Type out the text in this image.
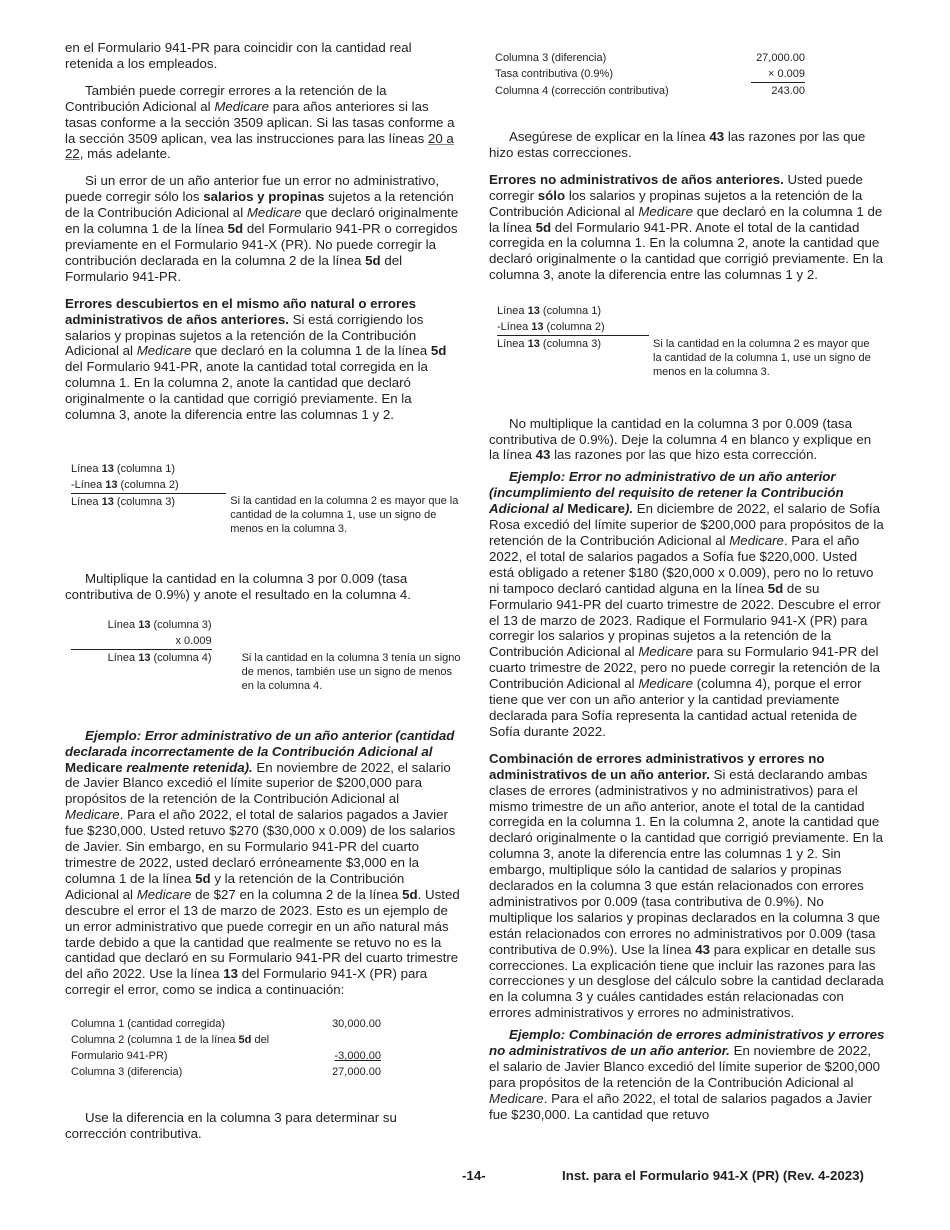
en el Formulario 941-PR para coincidir con la cantidad real retenida a los empleados.

También puede corregir errores a la retención de la Contribución Adicional al Medicare para años anteriores si las tasas conforme a la sección 3509 aplican. Si las tasas conforme a la sección 3509 aplican, vea las instrucciones para las líneas 20 a 22, más adelante.

Si un error de un año anterior fue un error no administrativo, puede corregir sólo los salarios y propinas sujetos a la retención de la Contribución Adicional al Medicare que declaró originalmente en la columna 1 de la línea 5d del Formulario 941-PR o corregidos previamente en el Formulario 941-X (PR). No puede corregir la contribución declarada en la columna 2 de la línea 5d del Formulario 941-PR.

Errores descubiertos en el mismo año natural o errores administrativos de años anteriores. Si está corrigiendo los salarios y propinas sujetos a la retención de la Contribución Adicional al Medicare que declaró en la columna 1 de la línea 5d del Formulario 941-PR, anote la cantidad total corregida en la columna 1. En la columna 2, anote la cantidad que declaró originalmente o la cantidad que corrigió previamente. En la columna 3, anote la diferencia entre las columnas 1 y 2.

Línea 13 (columna 1)	
-Línea 13 (columna 2)	
Línea 13 (columna 3)	Si la cantidad en la columna 2 es mayor que la cantidad de la columna 1, use un signo de menos en la columna 3.

Multiplique la cantidad en la columna 3 por 0.009 (tasa contributiva de 0.9%) y anote el resultado en la columna 4.

Línea 13 (columna 3)	
x 0.009	
Línea 13 (columna 4)	Si la cantidad en la columna 3 tenía un signo de menos, también use un signo de menos en la columna 4.

Ejemplo: Error administrativo de un año anterior (cantidad declarada incorrectamente de la Contribución Adicional al Medicare realmente retenida). En noviembre de 2022, el salario de Javier Blanco excedió el límite superior de $200,000 para propósitos de la retención de la Contribución Adicional al Medicare. Para el año 2022, el total de salarios pagados a Javier fue $230,000. Usted retuvo $270 ($30,000 x 0.009) de los salarios de Javier. Sin embargo, en su Formulario 941-PR del cuarto trimestre de 2022, usted declaró erróneamente $3,000 en la columna 1 de la línea 5d y la retención de la Contribución Adicional al Medicare de $27 en la columna 2 de la línea 5d. Usted descubre el error el 13 de marzo de 2023. Esto es un ejemplo de un error administrativo que puede corregir en un año natural más tarde debido a que la cantidad que realmente se retuvo no es la cantidad que declaró en su Formulario 941-PR del cuarto trimestre del año 2022. Use la línea 13 del Formulario 941-X (PR) para corregir el error, como se indica a continuación:

Columna 1 (cantidad corregida)	30,000.00
Columna 2 (columna 1 de la línea 5d del	
Formulario 941-PR)	-3,000.00
Columna 3 (diferencia)	27,000.00

Use la diferencia en la columna 3 para determinar su corrección contributiva.

Columna 3 (diferencia)	27,000.00
Tasa contributiva (0.9%)	× 0.009
Columna 4 (corrección contributiva)	243.00

Asegúrese de explicar en la línea 43 las razones por las que hizo estas correcciones.

Errores no administrativos de años anteriores. Usted puede corregir sólo los salarios y propinas sujetos a la retención de la Contribución Adicional al Medicare que declaró en la columna 1 de la línea 5d del Formulario 941-PR. Anote el total de la cantidad corregida en la columna 1. En la columna 2, anote la cantidad que declaró originalmente o la cantidad que corrigió previamente. En la columna 3, anote la diferencia entre las columnas 1 y 2.

Línea 13 (columna 1)	
-Línea 13 (columna 2)	
Línea 13 (columna 3)	Si la cantidad en la columna 2 es mayor que la cantidad de la columna 1, use un signo de menos en la columna 3.

No multiplique la cantidad en la columna 3 por 0.009 (tasa contributiva de 0.9%). Deje la columna 4 en blanco y explique en la línea 43 las razones por las que hizo esta corrección.

Ejemplo: Error no administrativo de un año anterior (incumplimiento del requisito de retener la Contribución Adicional al Medicare). En diciembre de 2022, el salario de Sofía Rosa excedió del límite superior de $200,000 para propósitos de la retención de la Contribución Adicional al Medicare. Para el año 2022, el total de salarios pagados a Sofía fue $220,000. Usted está obligado a retener $180 ($20,000 x 0.009), pero no lo retuvo ni tampoco declaró cantidad alguna en la línea 5d de su Formulario 941-PR del cuarto trimestre de 2022. Descubre el error el 13 de marzo de 2023. Radique el Formulario 941-X (PR) para corregir los salarios y propinas sujetos a la retención de la Contribución Adicional al Medicare para su Formulario 941-PR del cuarto trimestre de 2022, pero no puede corregir la retención de la Contribución Adicional al Medicare (columna 4), porque el error tiene que ver con un año anterior y la cantidad previamente declarada para Sofía representa la cantidad actual retenida de Sofía durante 2022.

Combinación de errores administrativos y errores no administrativos de un año anterior. Si está declarando ambas clases de errores (administrativos y no administrativos) para el mismo trimestre de un año anterior, anote el total de la cantidad corregida en la columna 1. En la columna 2, anote la cantidad que declaró originalmente o la cantidad que corrigió previamente. En la columna 3, anote la diferencia entre las columnas 1 y 2. Sin embargo, multiplique sólo la cantidad de salarios y propinas declarados en la columna 3 que están relacionados con errores administrativos por 0.009 (tasa contributiva de 0.9%). No multiplique los salarios y propinas declarados en la columna 3 que están relacionados con errores no administrativos por 0.009 (tasa contributiva de 0.9%). Use la línea 43 para explicar en detalle sus correcciones. La explicación tiene que incluir las razones para las correcciones y un desglose del cálculo sobre la cantidad declarada en la columna 3 y cuáles cantidades están relacionadas con errores administrativos y errores no administrativos.

Ejemplo: Combinación de errores administrativos y errores no administrativos de un año anterior. En noviembre de 2022, el salario de Javier Blanco excedió del límite superior de $200,000 para propósitos de la retención de la Contribución Adicional al Medicare. Para el año 2022, el total de salarios pagados a Javier fue $230,000. La cantidad que retuvo

-14-	Inst. para el Formulario 941-X (PR) (Rev. 4-2023)
